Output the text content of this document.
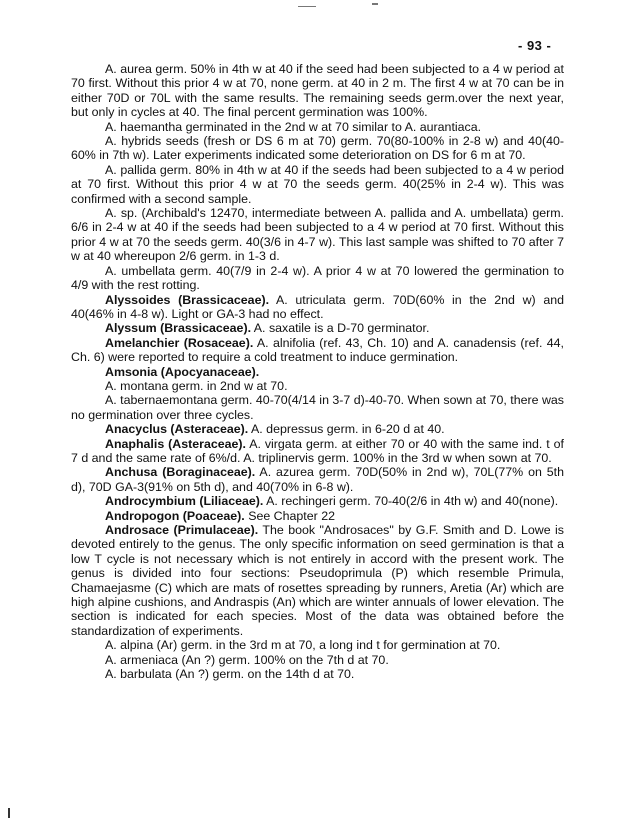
- 93 -

A. aurea germ. 50% in 4th w at 40 if the seed had been subjected to a 4 w period at 70 first. Without this prior 4 w at 70, none germ. at 40 in 2 m. The first 4 w at 70 can be in either 70D or 70L with the same results. The remaining seeds germ.over the next year, but only in cycles at 40. The final percent germination was 100%.

A. haemantha germinated in the 2nd w at 70 similar to A. aurantiaca.

A. hybrids seeds (fresh or DS 6 m at 70) germ. 70(80-100% in 2-8 w) and 40(40-60% in 7th w). Later experiments indicated some deterioration on DS for 6 m at 70.

A. pallida germ. 80% in 4th w at 40 if the seeds had been subjected to a 4 w period at 70 first. Without this prior 4 w at 70 the seeds germ. 40(25% in 2-4 w). This was confirmed with a second sample.

A. sp. (Archibald's 12470, intermediate between A. pallida and A. umbellata) germ. 6/6 in 2-4 w at 40 if the seeds had been subjected to a 4 w period at 70 first. Without this prior 4 w at 70 the seeds germ. 40(3/6 in 4-7 w). This last sample was shifted to 70 after 7 w at 40 whereupon 2/6 germ. in 1-3 d.

A. umbellata germ. 40(7/9 in 2-4 w). A prior 4 w at 70 lowered the germination to 4/9 with the rest rotting.

Alyssoides (Brassicaceae). A. utriculata germ. 70D(60% in the 2nd w) and 40(46% in 4-8 w). Light or GA-3 had no effect.

Alyssum (Brassicaceae). A. saxatile is a D-70 germinator.

Amelanchier (Rosaceae). A. alnifolia (ref. 43, Ch. 10) and A. canadensis (ref. 44, Ch. 6) were reported to require a cold treatment to induce germination.

Amsonia (Apocyanaceae).

A. montana germ. in 2nd w at 70.

A. tabernaemontana germ. 40-70(4/14 in 3-7 d)-40-70. When sown at 70, there was no germination over three cycles.

Anacyclus (Asteraceae). A. depressus germ. in 6-20 d at 40.

Anaphalis (Asteraceae). A. virgata germ. at either 70 or 40 with the same ind. t of 7 d and the same rate of 6%/d. A. triplinervis germ. 100% in the 3rd w when sown at 70.

Anchusa (Boraginaceae). A. azurea germ. 70D(50% in 2nd w), 70L(77% on 5th d), 70D GA-3(91% on 5th d), and 40(70% in 6-8 w).

Androcymbium (Liliaceae). A. rechingeri germ. 70-40(2/6 in 4th w) and 40(none).

Andropogon (Poaceae). See Chapter 22

Androsace (Primulaceae). The book "Androsaces" by G.F. Smith and D. Lowe is devoted entirely to the genus. The only specific information on seed germination is that a low T cycle is not necessary which is not entirely in accord with the present work. The genus is divided into four sections: Pseudoprimula (P) which resemble Primula, Chamaejasme (C) which are mats of rosettes spreading by runners, Aretia (Ar) which are high alpine cushions, and Andraspis (An) which are winter annuals of lower elevation. The section is indicated for each species. Most of the data was obtained before the standardization of experiments.

A. alpina (Ar) germ. in the 3rd m at 70, a long ind t for germination at 70.

A. armeniaca (An ?) germ. 100% on the 7th d at 70.

A. barbulata (An ?) germ. on the 14th d at 70.
